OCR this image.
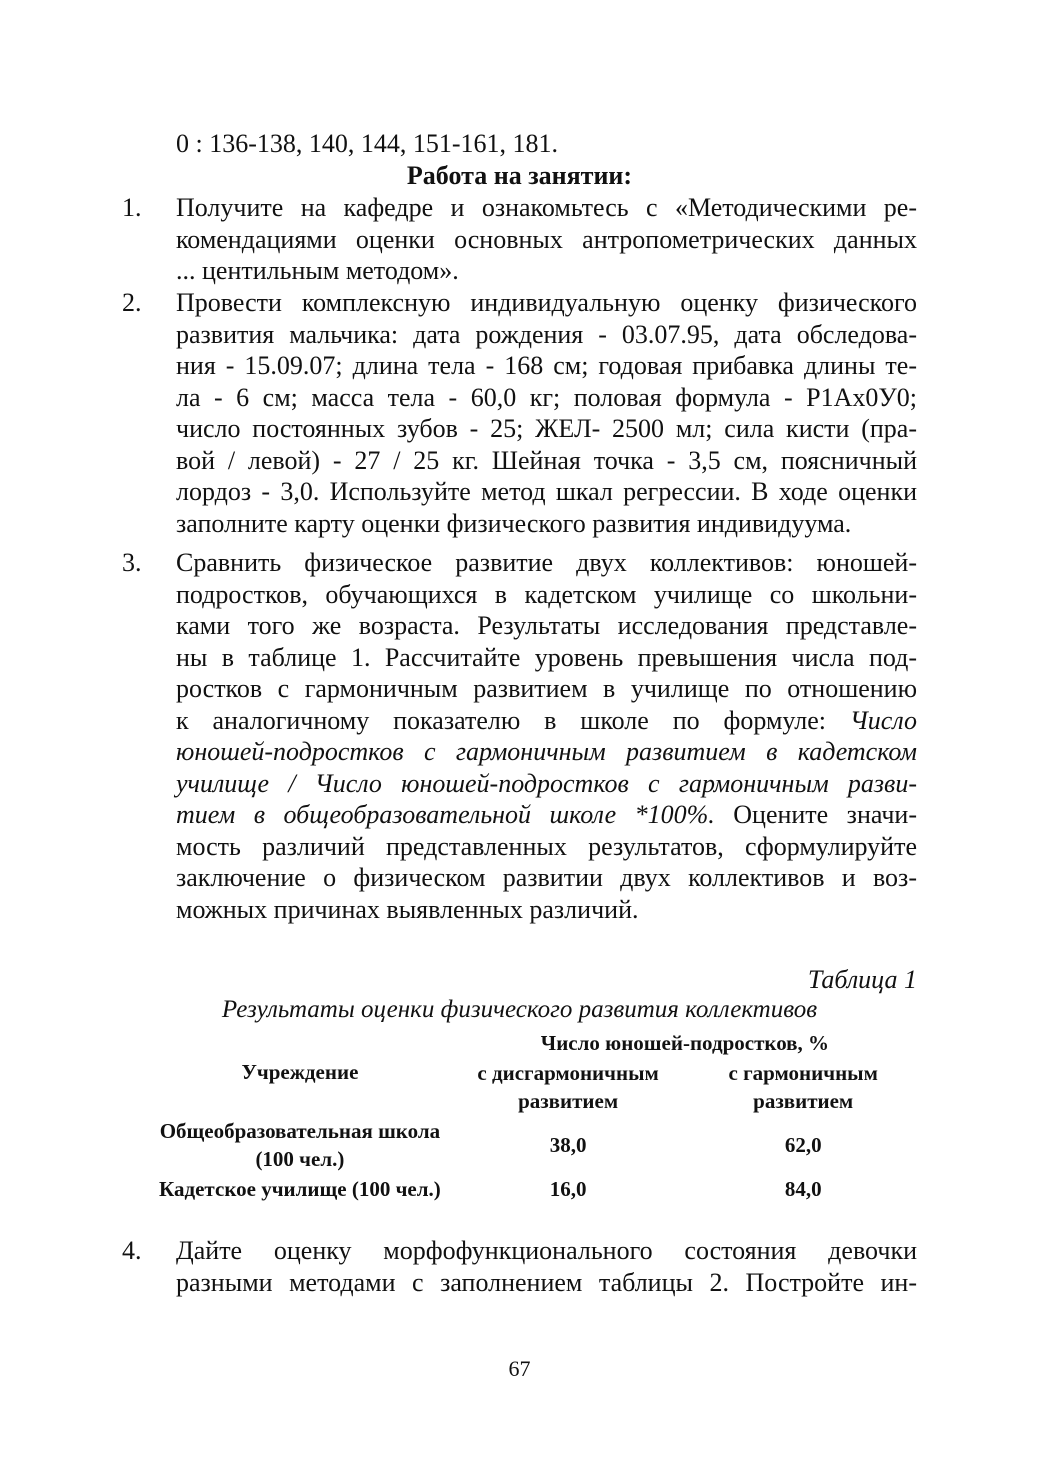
0 : 136-138, 140, 144, 151-161, 181.
Работа на занятии:
1. Получите на кафедре и ознакомьтесь с «Методическими ре-

комендациями оценки основных антропометрических данных

... центильным методом».

2. Провести комплексную индивидуальную оценку физического

развития мальчика: дата рождения - 03.07.95, дата обследова-

ния - 15.09.07; длина тела - 168 см; годовая прибавка длины те-

ла - 6 см; масса тела - 60,0 кг; половая формула - P1Ax0У0;

число постоянных зубов - 25; ЖЕЛ- 2500 мл; сила кисти (пра-

вой / левой) - 27 / 25 кг. Шейная точка - 3,5 см, поясничный

лордоз - 3,0. Используйте метод шкал регрессии. В ходе оценки

заполните карту оценки физического развития индивидуума.

3. Сравнить физическое развитие двух коллективов: юношей-

подростков, обучающихся в кадетском училище со школьни-

ками того же возраста. Результаты исследования представле-

ны в таблице 1. Рассчитайте уровень превышения числа под-

ростков с гармоничным развитием в училище по отношению

к аналогичному показателю в школе по формуле: Число

юношей-подростков с гармоничным развитием в кадетском

училище / Число юношей-подростков с гармоничным разви-

тием в общеобразовательной школе *100%. Оцените значи-

мость различий представленных результатов, сформулируйте

заключение о физическом развитии двух коллективов и воз-

можных причинах выявленных различий.

Таблица 1
Результаты оценки физического развития коллективов
Учреждение	Число юношей-подростков, %	
	с дисгармоничным развитием	с гармоничным развитием
Общеобразовательная школа (100 чел.)	38,0	62,0
Кадетское училище (100 чел.)	16,0	84,0
4. Дайте оценку морфофункционального состояния девочки

разными методами с заполнением таблицы 2. Постройте ин-

67
